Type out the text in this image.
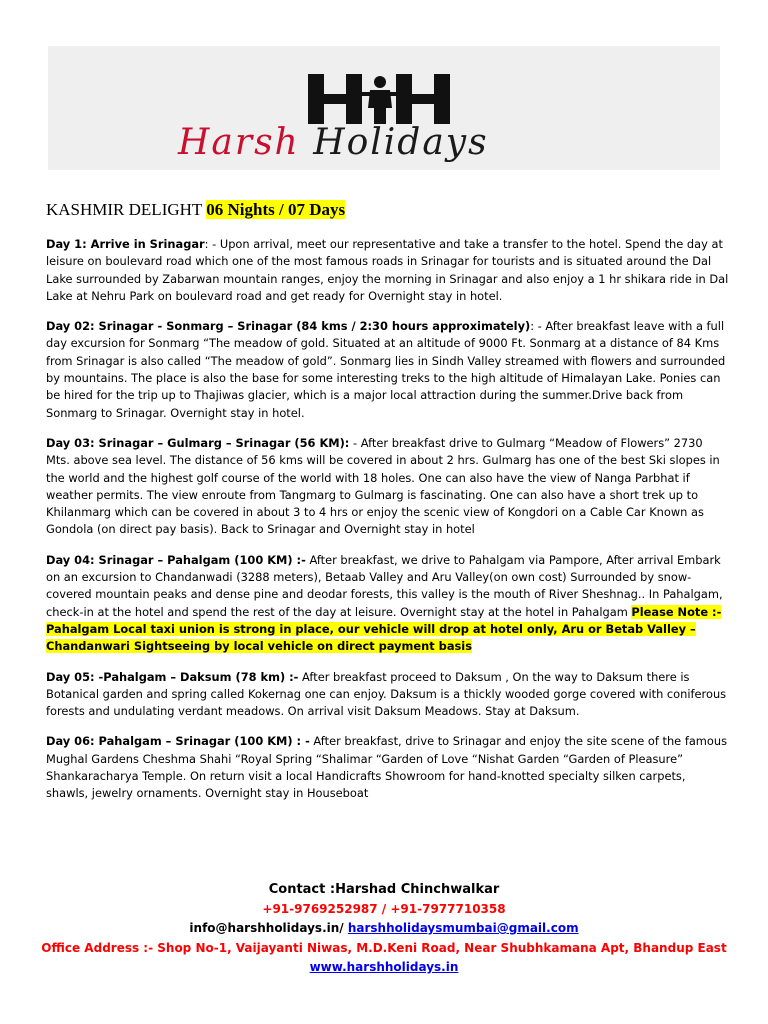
Harsh Holidays
KASHMIR DELIGHT 06 Nights / 07 Days

Day 1: Arrive in Srinagar: - Upon arrival, meet our representative and take a transfer to the hotel. Spend the day at leisure on boulevard road which one of the most famous roads in Srinagar for tourists and is situated around the Dal Lake surrounded by Zabarwan mountain ranges, enjoy the morning in Srinagar and also enjoy a 1 hr shikara ride in Dal Lake at Nehru Park on boulevard road and get ready for Overnight stay in hotel.

Day 02: Srinagar - Sonmarg – Srinagar (84 kms / 2:30 hours approximately): - After breakfast leave with a full day excursion for Sonmarg “The meadow of gold. Situated at an altitude of 9000 Ft. Sonmarg at a distance of 84 Kms from Srinagar is also called “The meadow of gold”. Sonmarg lies in Sindh Valley streamed with flowers and surrounded by mountains. The place is also the base for some interesting treks to the high altitude of Himalayan Lake. Ponies can be hired for the trip up to Thajiwas glacier, which is a major local attraction during the summer.Drive back from Sonmarg to Srinagar. Overnight stay in hotel.

Day 03: Srinagar – Gulmarg – Srinagar (56 KM): - After breakfast drive to Gulmarg “Meadow of Flowers” 2730 Mts. above sea level. The distance of 56 kms will be covered in about 2 hrs. Gulmarg has one of the best Ski slopes in the world and the highest golf course of the world with 18 holes. One can also have the view of Nanga Parbhat if weather permits. The view enroute from Tangmarg to Gulmarg is fascinating. One can also have a short trek up to Khilanmarg which can be covered in about 3 to 4 hrs or enjoy the scenic view of Kongdori on a Cable Car Known as Gondola (on direct pay basis). Back to Srinagar and Overnight stay in hotel

Day 04: Srinagar – Pahalgam (100 KM) :- After breakfast, we drive to Pahalgam via Pampore, After arrival Embark on an excursion to Chandanwadi (3288 meters), Betaab Valley and Aru Valley(on own cost) Surrounded by snow-covered mountain peaks and dense pine and deodar forests, this valley is the mouth of River Sheshnag.. In Pahalgam, check-in at the hotel and spend the rest of the day at leisure. Overnight stay at the hotel in Pahalgam Please Note :- Pahalgam Local taxi union is strong in place, our vehicle will drop at hotel only, Aru or Betab Valley – Chandanwari Sightseeing by local vehicle on direct payment basis

Day 05: -Pahalgam – Daksum (78 km) :- After breakfast proceed to Daksum , On the way to Daksum there is Botanical garden and spring called Kokernag one can enjoy. Daksum is a thickly wooded gorge covered with coniferous forests and undulating verdant meadows. On arrival visit Daksum Meadows. Stay at Daksum.

Day 06: Pahalgam – Srinagar (100 KM) : - After breakfast, drive to Srinagar and enjoy the site scene of the famous Mughal Gardens Cheshma Shahi “Royal Spring “Shalimar “Garden of Love “Nishat Garden “Garden of Pleasure” Shankaracharya Temple. On return visit a local Handicrafts Showroom for hand-knotted specialty silken carpets, shawls, jewelry ornaments. Overnight stay in Houseboat

Contact :Harshad Chinchwalkar
+91-9769252987 / +91-7977710358
info@harshholidays.in/ harshholidaysmumbai@gmail.com
Office Address :- Shop No-1, Vaijayanti Niwas, M.D.Keni Road, Near Shubhkamana Apt, Bhandup East
www.harshholidays.in
